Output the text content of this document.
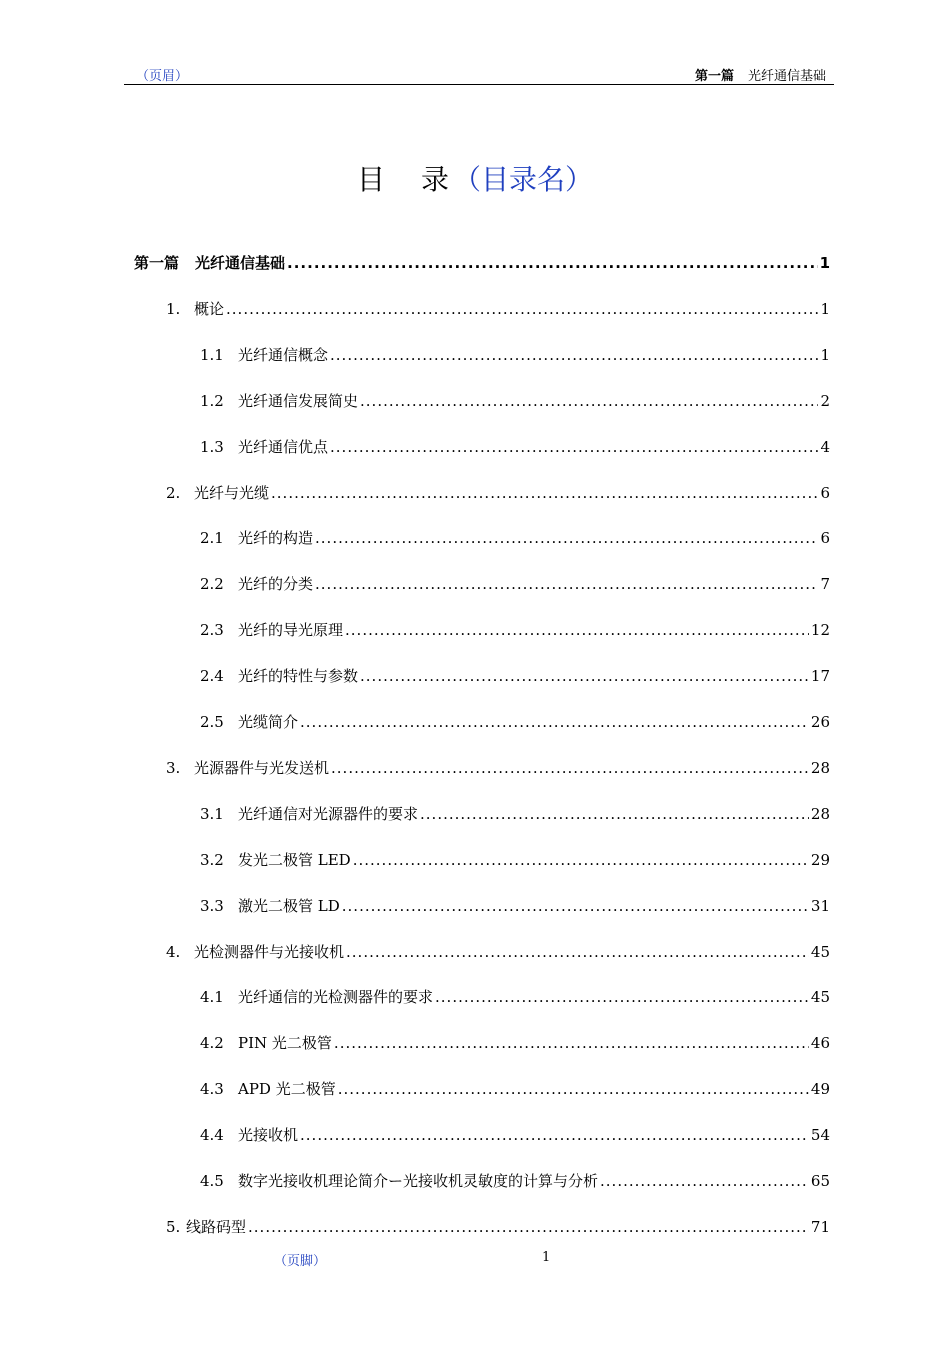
（页眉）	第一篇 光纤通信基础
目　录（目录名）
第一篇 光纤通信基础 .....	1
1. 概论 .....	1
1.1 光纤通信概念 .....	1
1.2 光纤通信发展简史 .....	2
1.3 光纤通信优点 .....	4
2. 光纤与光缆 .....	6
2.1 光纤的构造 .....	6
2.2 光纤的分类 .....	7
2.3 光纤的导光原理 .....	12
2.4 光纤的特性与参数 .....	17
2.5 光缆简介 .....	26
3. 光源器件与光发送机 .....	28
3.1 光纤通信对光源器件的要求 .....	28
3.2 发光二极管 LED .....	29
3.3 激光二极管 LD .....	31
4. 光检测器件与光接收机 .....	45
4.1 光纤通信的光检测器件的要求 .....	45
4.2 PIN 光二极管 .....	46
4.3 APD 光二极管 .....	49
4.4 光接收机 .....	54
4.5 数字光接收机理论简介ー光接收机灵敏度的计算与分析 .....	65
5. 线路码型 .....	71
（页脚）	1
